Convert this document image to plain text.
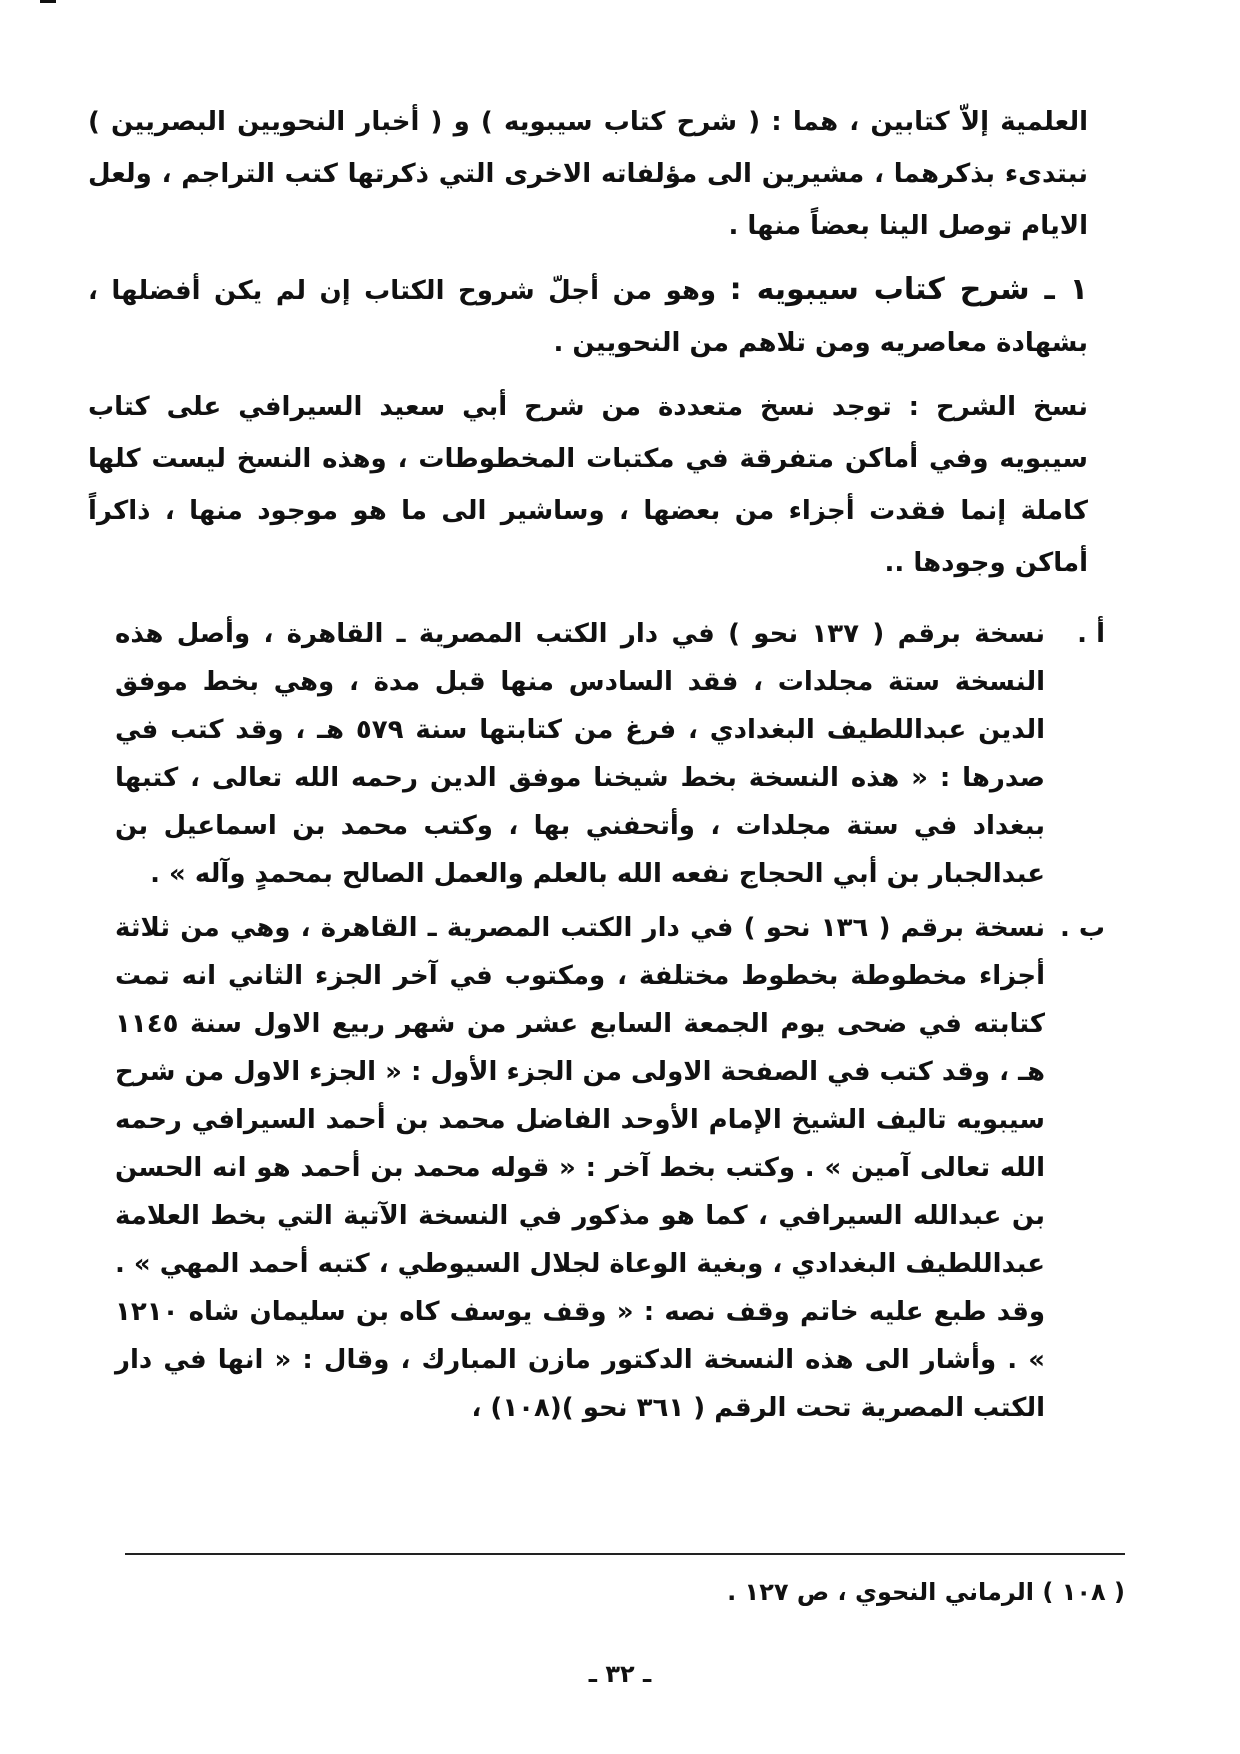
العلمية إلاّ كتابين ، هما : ( شرح كتاب سيبويه ) و ( أخبار النحويين البصريين ) نبتدىء بذكرهما ، مشيرين الى مؤلفاته الاخرى التي ذكرتها كتب التراجم ، ولعل الايام توصل الينا بعضاً منها .

١ ـ شرح كتاب سيبويه : وهو من أجلّ شروح الكتاب إن لم يكن أفضلها ، بشهادة معاصريه ومن تلاهم من النحويين .

نسخ الشرح : توجد نسخ متعددة من شرح أبي سعيد السيرافي على كتاب سيبويه وفي أماكن متفرقة في مكتبات المخطوطات ، وهذه النسخ ليست كلها كاملة إنما فقدت أجزاء من بعضها ، وساشير الى ما هو موجود منها ، ذاكراً أماكن وجودها ..

أ .
نسخة برقم ( ١٣٧ نحو ) في دار الكتب المصرية ـ القاهرة ، وأصل هذه النسخة ستة مجلدات ، فقد السادس منها قبل مدة ، وهي بخط موفق الدين عبداللطيف البغدادي ، فرغ من كتابتها سنة ٥٧٩ هـ ، وقد كتب في صدرها : « هذه النسخة بخط شيخنا موفق الدين رحمه الله تعالى ، كتبها ببغداد في ستة مجلدات ، وأتحفني بها ، وكتب محمد بن اسماعيل بن عبدالجبار بن أبي الحجاج نفعه الله بالعلم والعمل الصالح بمحمدٍ وآله » .
ب .
نسخة برقم ( ١٣٦ نحو ) في دار الكتب المصرية ـ القاهرة ، وهي من ثلاثة أجزاء مخطوطة بخطوط مختلفة ، ومكتوب في آخر الجزء الثاني انه تمت كتابته في ضحى يوم الجمعة السابع عشر من شهر ربيع الاول سنة ١١٤٥ هـ ، وقد كتب في الصفحة الاولى من الجزء الأول : « الجزء الاول من شرح سيبويه تاليف الشيخ الإمام الأوحد الفاضل محمد بن أحمد السيرافي رحمه الله تعالى آمين » . وكتب بخط آخر : « قوله محمد بن أحمد هو انه الحسن بن عبدالله السيرافي ، كما هو مذكور في النسخة الآتية التي بخط العلامة عبداللطيف البغدادي ، وبغية الوعاة لجلال السيوطي ، كتبه أحمد المهي » . وقد طبع عليه خاتم وقف نصه : « وقف يوسف كاه بن سليمان شاه ١٢١٠ » . وأشار الى هذه النسخة الدكتور مازن المبارك ، وقال : « انها في دار الكتب المصرية تحت الرقم ( ٣٦١ نحو )(١٠٨) ،
( ١٠٨ ) الرماني النحوي ، ص ١٢٧ .
ـ ٣٢ ـ
